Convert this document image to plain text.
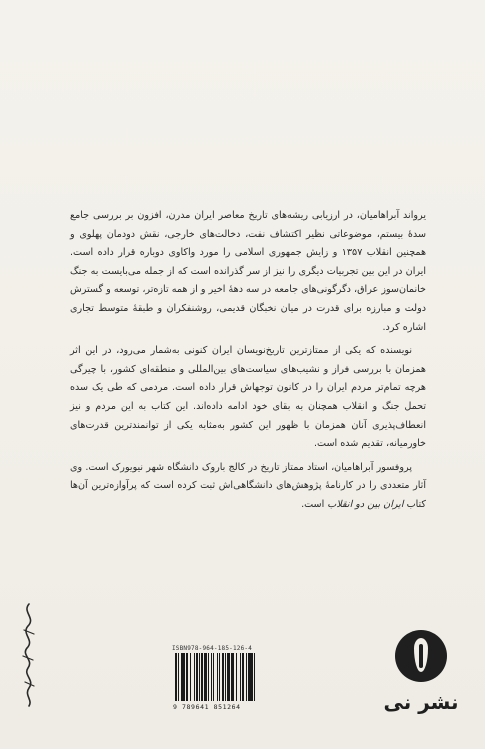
یرواند آبراهامیان، در ارزیابی ریشه‌های تاریخ معاصر ایران مدرن، افزون بر بررسی جامع سدهٔ بیستم، موضوعاتی نظیر اکتشاف نفت، دخالت‌های خارجی، نقش دودمان پهلوی و همچنین انقلاب ۱۳۵۷ و زایش جمهوری اسلامی را مورد واکاوی دوباره قرار داده است. ایران در این بین تجربیات دیگری را نیز از سر گذرانده است که از جمله می‌بایست به جنگ خانمان‌سوز عراق، دگرگونی‌های جامعه در سه دههٔ اخیر و از همه تازه‌تر، توسعه و گسترش دولت و مبارزه برای قدرت در میان نخبگان قدیمی، روشنفکران و طبقهٔ متوسط تجاری اشاره کرد.

نویسنده که یکی از ممتازترین تاریخ‌نویسان ایران کنونی به‌شمار می‌رود، در این اثر همزمان با بررسی فراز و نشیب‌های سیاست‌های بین‌المللی و منطقه‌ای کشور، با چیرگی هرچه تمام‌تر مردم ایران را در کانون توجهاش قرار داده است. مردمی که طی یک سده تحمل جنگ و انقلاب همچنان به بقای خود ادامه داده‌اند. این کتاب به این مردم و نیز انعطاف‌پذیری آنان همزمان با ظهور این کشور به‌مثابه یکی از توانمندترین قدرت‌های خاورمیانه، تقدیم شده است.

پروفسور آبراهامیان، استاد ممتاز تاریخ در کالج باروک دانشگاه شهر نیویورک است. وی آثار متعددی را در کارنامهٔ پژوهش‌های دانشگاهی‌اش ثبت کرده است که پرآوازه‌ترین آن‌ها کتاب ایران بین دو انقلاب است.

ISBN978-964-185-126-4
9 789641 851264	نشر نی
